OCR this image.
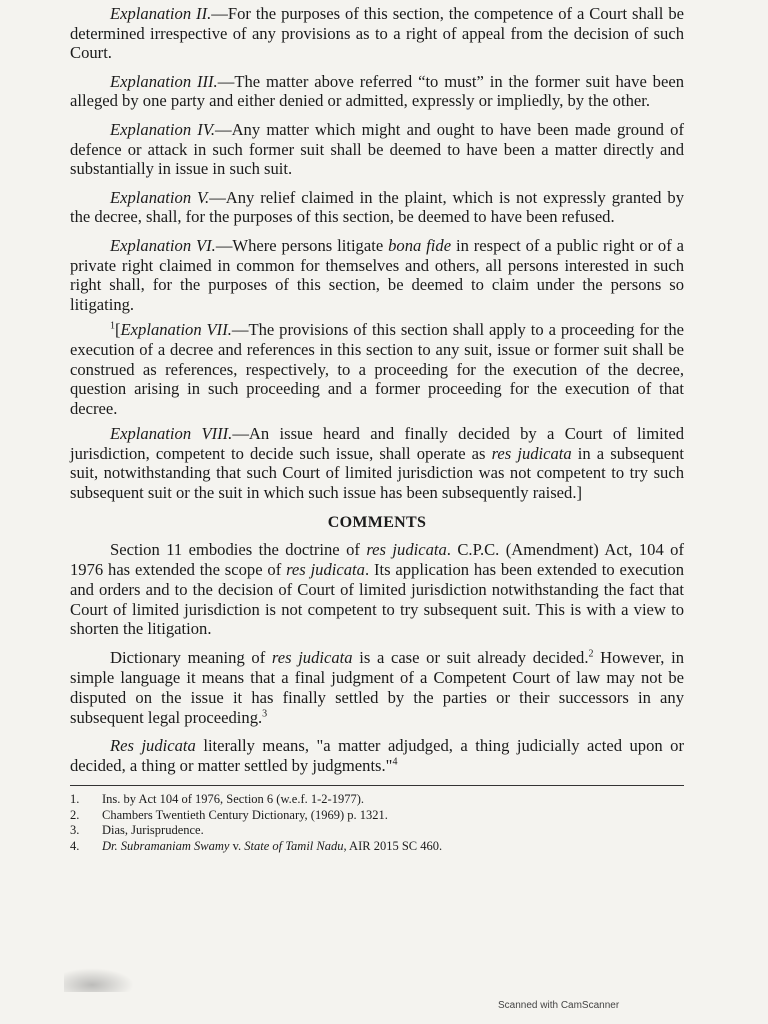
Explanation II.—For the purposes of this section, the competence of a Court shall be determined irrespective of any provisions as to a right of appeal from the decision of such Court.

Explanation III.—The matter above referred “to must” in the former suit have been alleged by one party and either denied or admitted, expressly or impliedly, by the other.

Explanation IV.—Any matter which might and ought to have been made ground of defence or attack in such former suit shall be deemed to have been a matter directly and substantially in issue in such suit.

Explanation V.—Any relief claimed in the plaint, which is not expressly granted by the decree, shall, for the purposes of this section, be deemed to have been refused.

Explanation VI.—Where persons litigate bona fide in respect of a public right or of a private right claimed in common for themselves and others, all persons interested in such right shall, for the purposes of this section, be deemed to claim under the persons so litigating.

$^1$[Explanation VII.—The provisions of this section shall apply to a proceeding for the execution of a decree and references in this section to any suit, issue or former suit shall be construed as references, respectively, to a proceeding for the execution of the decree, question arising in such proceeding and a former proceeding for the execution of that decree.

Explanation VIII.—An issue heard and finally decided by a Court of limited jurisdiction, competent to decide such issue, shall operate as res judicata in a subsequent suit, notwithstanding that such Court of limited jurisdiction was not competent to try such subsequent suit or the suit in which such issue has been subsequently raised.]

COMMENTS

Section 11 embodies the doctrine of res judicata. C.P.C. (Amendment) Act, 104 of 1976 has extended the scope of res judicata. Its application has been extended to execution and orders and to the decision of Court of limited jurisdiction notwithstanding the fact that Court of limited jurisdiction is not competent to try subsequent suit. This is with a view to shorten the litigation.

Dictionary meaning of res judicata is a case or suit already decided.$^2$ However, in simple language it means that a final judgment of a Competent Court of law may not be disputed on the issue it has finally settled by the parties or their successors in any subsequent legal proceeding.$^3$

Res judicata literally means, "a matter adjudged, a thing judicially acted upon or decided, a thing or matter settled by judgments."$^4$

1.	Ins. by Act 104 of 1976, Section 6 (w.e.f. 1-2-1977).
2.	Chambers Twentieth Century Dictionary, (1969) p. 1321.
3.	Dias, Jurisprudence.
4.	Dr. Subramaniam Swamy v. State of Tamil Nadu, AIR 2015 SC 460.
Scanned with CamScanner
